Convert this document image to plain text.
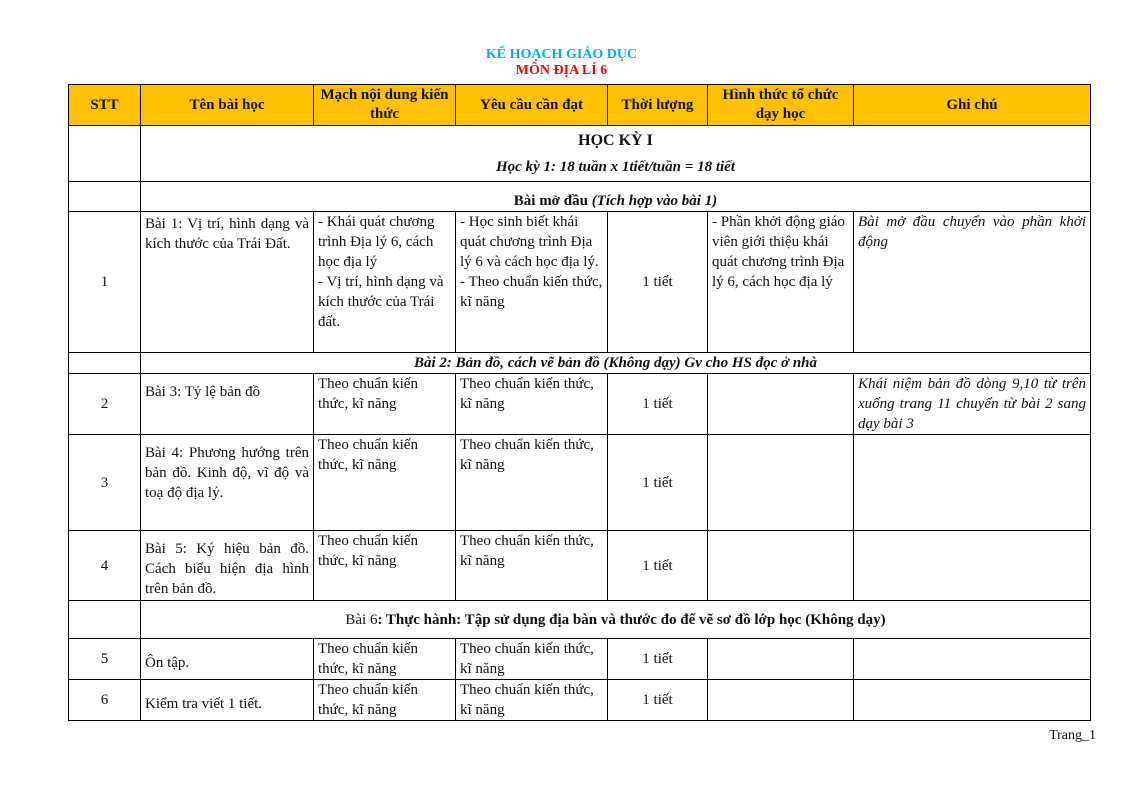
KẾ HOẠCH GIÁO DỤC
MÔN ĐỊA LÍ 6
STT	Tên bài học	Mạch nội dung kiến thức	Yêu cầu cần đạt	Thời lượng	Hình thức tổ chức dạy học	Ghi chú

	HỌC KỲ I
Học kỳ 1: 18 tuần x 1tiết/tuần = 18 tiết					

	Bài mở đầu (Tích hợp vào bài 1)					
1	Bài 1: Vị trí, hình dạng và kích thước của Trái Đất.	- Khái quát chương trình Địa lý 6, cách học địa lý
- Vị trí, hình dạng và kích thước của Trái đất.	- Học sinh biết khái quát chương trình Địa lý 6 và cách học địa lý.
- Theo chuẩn kiến thức, kĩ năng	1 tiết	- Phần khởi động giáo viên giới thiệu khái quát chương trình Địa lý 6, cách học địa lý	Bài mở đầu chuyển vào phần khởi động
	Bài 2: Bản đồ, cách vẽ bản đồ (Không dạy) Gv cho HS đọc ở nhà					
2	Bài 3: Tỷ lệ bản đồ	Theo chuẩn kiến thức, kĩ năng	Theo chuẩn kiến thức, kĩ năng	1 tiết		Khái niệm bản đồ dòng 9,10 từ trên xuống trang 11 chuyển từ bài 2 sang dạy bài 3
3	Bài 4: Phương hướng trên bản đồ. Kinh độ, vĩ độ và toạ độ địa lý.	Theo chuẩn kiến thức, kĩ năng	Theo chuẩn kiến thức, kĩ năng	1 tiết		
4	Bài 5: Ký hiệu bản đồ. Cách biểu hiện địa hình trên bản đồ.	Theo chuẩn kiến thức, kĩ năng	Theo chuẩn kiến thức, kĩ năng	1 tiết		
	Bài 6: Thực hành: Tập sử dụng địa bàn và thước đo để vẽ sơ đồ lớp học (Không dạy)					
5	Ôn tập.	Theo chuẩn kiến thức, kĩ năng	Theo chuẩn kiến thức, kĩ năng	1 tiết		
6	Kiểm tra viết 1 tiết.	Theo chuẩn kiến thức, kĩ năng	Theo chuẩn kiến thức, kĩ năng	1 tiết		
Trang_1
